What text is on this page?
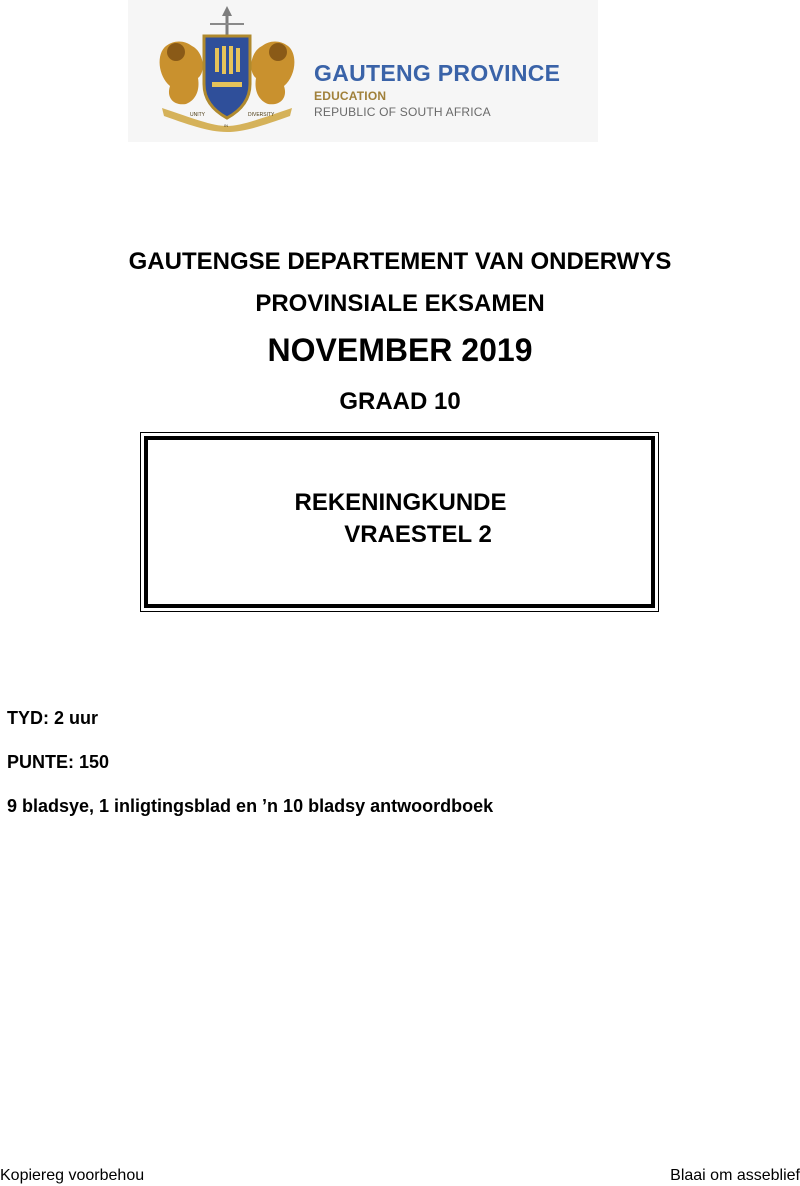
UNITY
IN
DIVERSITY
GAUTENG PROVINCE
EDUCATION
REPUBLIC OF SOUTH AFRICA
GAUTENGSE DEPARTEMENT VAN ONDERWYS
PROVINSIALE EKSAMEN
NOVEMBER 2019
GRAAD 10
REKENINGKUNDE
VRAESTEL 2
TYD: 2 uur
PUNTE: 150
9 bladsye, 1 inligtingsblad en ’n 10 bladsy antwoordboek
Kopiereg voorbehou	Blaai om asseblief
